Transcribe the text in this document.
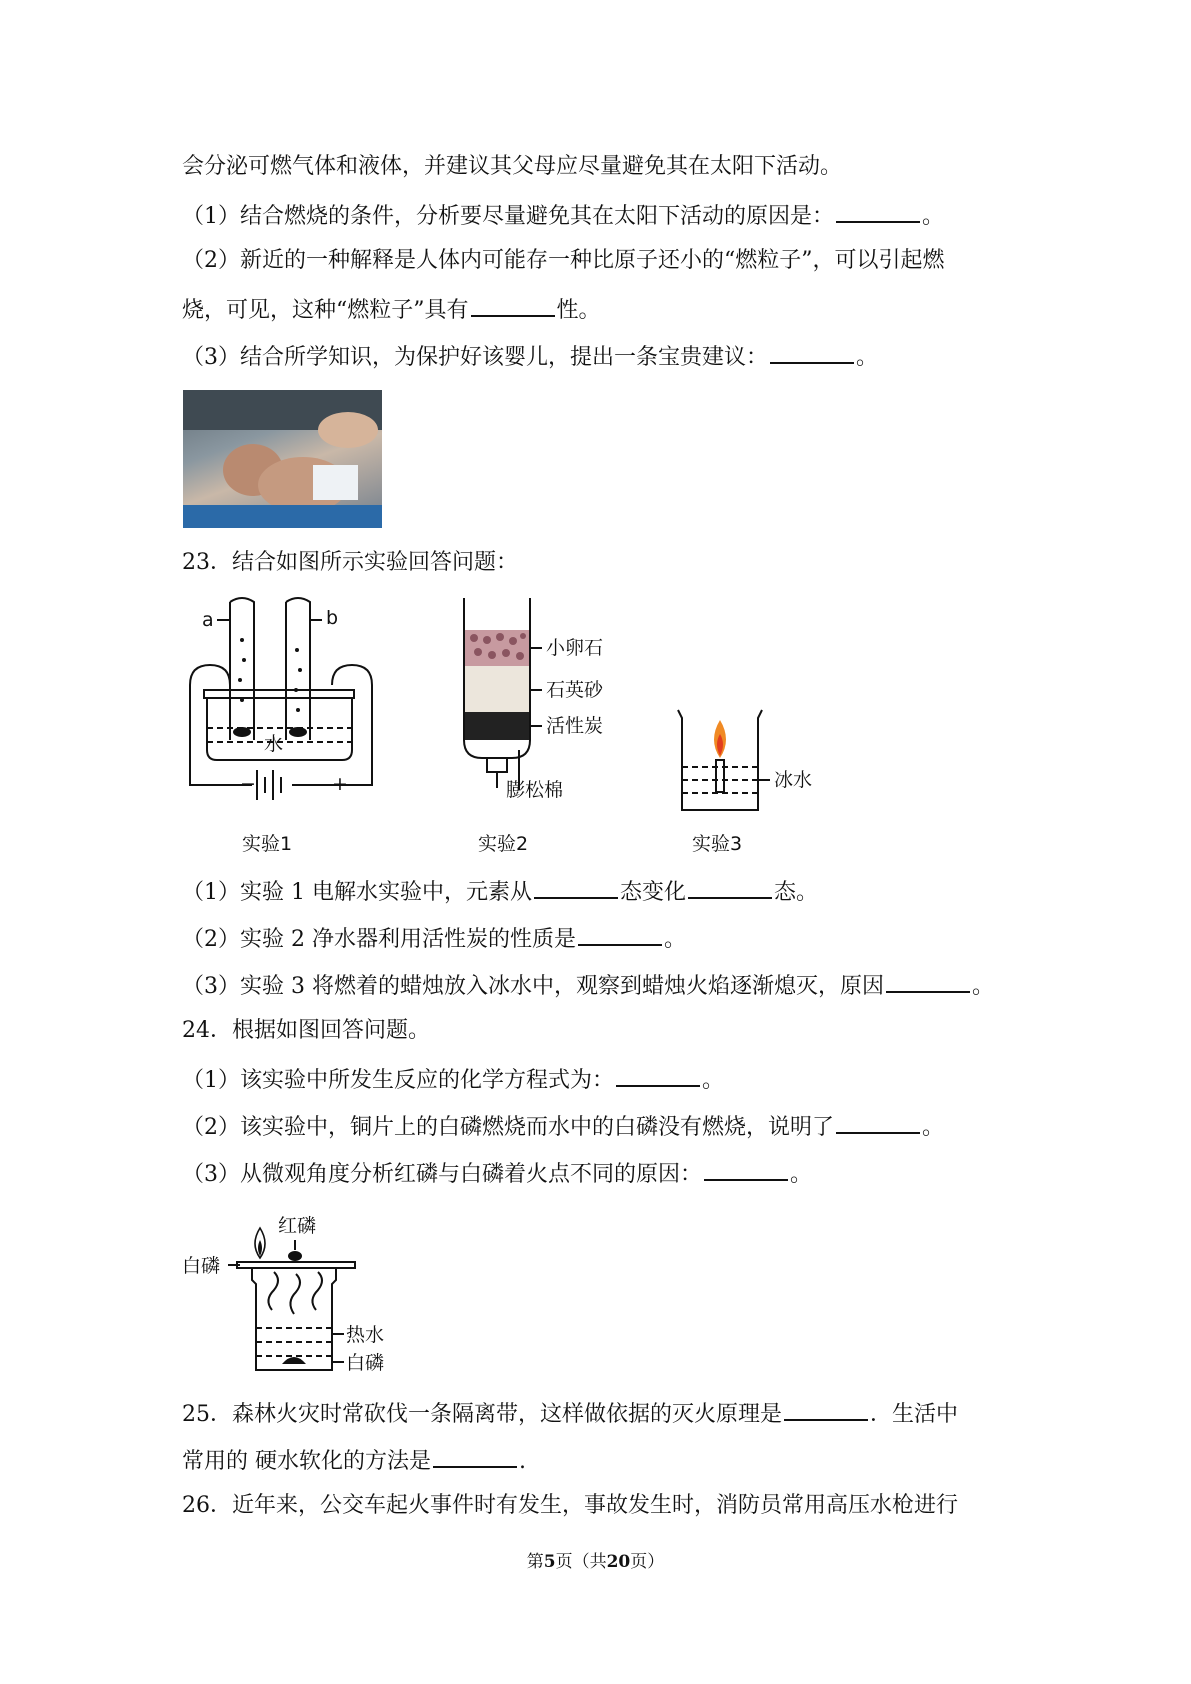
会分泌可燃气体和液体，并建议其父母应尽量避免其在太阳下活动。
（1）结合燃烧的条件，分析要尽量避免其在太阳下活动的原因是：	。
（2）新近的一种解释是人体内可能存一种比原子还小的“燃粒子”，可以引起燃
烧，可见，这种“燃粒子”具有	性。
（3）结合所学知识，为保护好该婴儿，提出一条宝贵建议：	。
23．结合如图所示实验回答问题：
a	b
水
−	+
实验1
小卵石
石英砂
活性炭
膨松棉
实验2
冰水
实验3
（1）实验 1 电解水实验中，元素从	态变化	态。
（2）实验 2 净水器利用活性炭的性质是	。
（3）实验 3 将燃着的蜡烛放入冰水中，观察到蜡烛火焰逐渐熄灭，原因	。
24．根据如图回答问题。
（1）该实验中所发生反应的化学方程式为：	。
（2）该实验中，铜片上的白磷燃烧而水中的白磷没有燃烧，说明了	。
（3）从微观角度分析红磷与白磷着火点不同的原因：	。
白磷
红磷
热水
白磷
25．森林火灾时常砍伐一条隔离带，这样做依据的灭火原理是	．生活中
常用的 硬水软化的方法是	.
26．近年来，公交车起火事件时有发生，事故发生时，消防员常用高压水枪进行
第5页（共20页）
